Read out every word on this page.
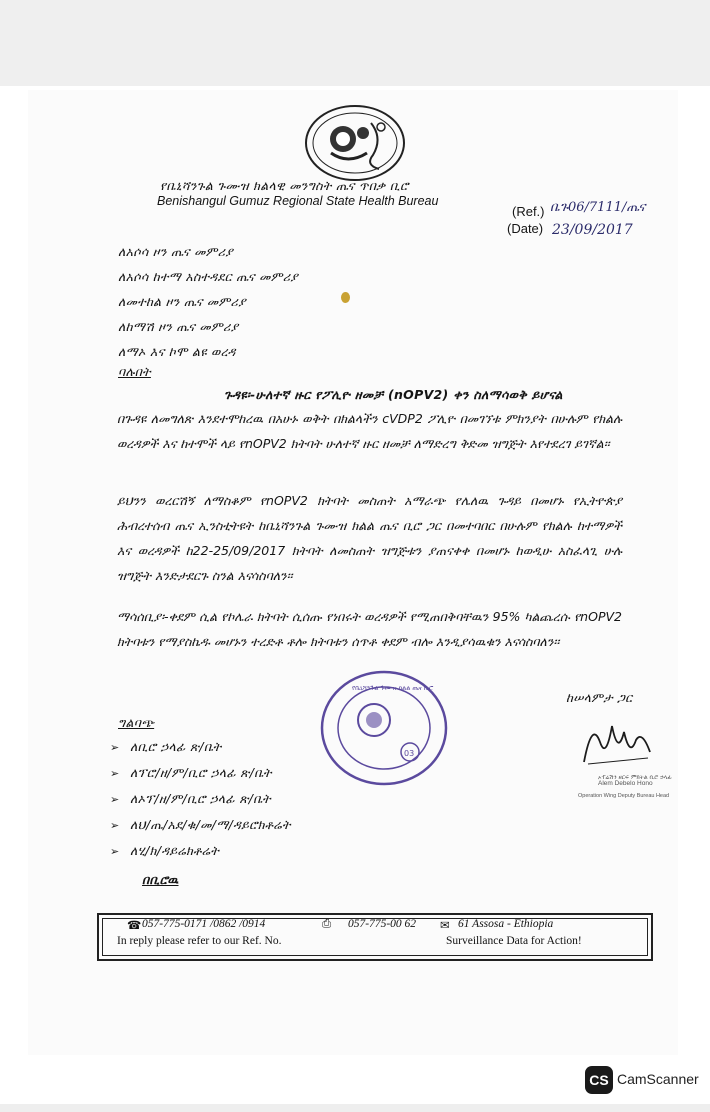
የቤኒሻንጉል ጉሙዝ ክልላዊ መንግስት ጤና ጥበቃ ቢሮ
Benishangul Gumuz Regional State Health Bureau
(Ref.) ቤጉ06/7111/ጤና
(Date) 23/09/2017
ለአሶሳ ዞን ጤና መምሪያ
ለአሶሳ ከተማ አስተዳደር ጤና መምሪያ
ለመተከል ዞን ጤና መምሪያ
ለከማሽ ዞን ጤና መምሪያ
ለማኦ እና ኮሞ ልዩ ወረዳ
ባሉበት
ጉዳዩ፡-ሁለተኛ ዙር የፖሊዮ ዘመቻ (nOPV2) ቀን ስለማሳወቅ ይሆናል
በጉዳዩ ለመግለጽ እንደተሞከረዉ በአሁኑ ወቅት በክልላችን cVDP2 ፖሊዮ በመገኘቱ ምክንያት በሁሉም የክልሉ ወረዳዎች እና ከተሞች ላይ የnOPV2 ክትባት ሁለተኛ ዙር ዘመቻ ለማድረግ ቅድመ ዝግጅት እየተደረገ ይገኛል፡፡
ይህንን ወረርሽኝ ለማስቆም የnOPV2 ክትባት መስጠት አማራጭ የሌለዉ ጉዳይ በመሆኑ የኢትዮጵያ ሕብረተሰብ ጤና ኢንስቲትዩት ከቤኒሻንጉል ጉሙዝ ክልል ጤና ቢሮ ጋር በመተባበር በሁሉም የክልሉ ከተማዎች እና ወረዳዎች ከ22-25/09/2017 ክትባት ለመስጠት ዝግጅቱን ያጠናቀቀ በመሆኑ ከወዲሁ አስፈላጊ ሁሉ ዝግጅት እንድታደርጉ ስንል እናሳስባለን፡፡
ማሳሰቢያ፡-ቀደም ሲል የኮሌራ ክትባት ሲሰጡ የነበሩት ወረዳዎች የሚጠበቅባቸዉን 95% ካልጨረሱ የnOPV2 ክትባቱን የማያስኬዱ መሆኑን ተረድቶ ቶሎ ክትባቱን ሰጥቶ ቀደም ብሎ እንዲያሳዉቁን እናሳስባለን፡፡
03
የቤኒሻንጉል ጉሙዝ ክልል ጤና ቢሮ
ከሠላምታ ጋር
ኦፕሬሽን ዘርፍ ምክትል ቢሮ ኃላፊ
Alem Debelo Hono
Operation Wing Deputy Bureau Head
ግልባጭ
➢ ለቢሮ ኃላፊ ጽ/ቤት
➢ ለፕሮ/ዘ/ም/ቢሮ ኃላፊ ጽ/ቤት
➢ ለኦፕ/ዘ/ም/ቢሮ ኃላፊ ጽ/ቤት
➢ ለህ/ጤ/አደ/ቁ/መ/ማ/ዳይሮክቶሬት
➢ ለሂ/ክ/ዳይሬክቶሬት
በቢሮዉ
☎ 057-775-0171 /0862 /0914	⎙ 057-775-00 62 ✉ 61 Assosa - Ethiopia
In reply please refer to our Ref. No.	Surveillance Data for Action!
CS CamScanner
